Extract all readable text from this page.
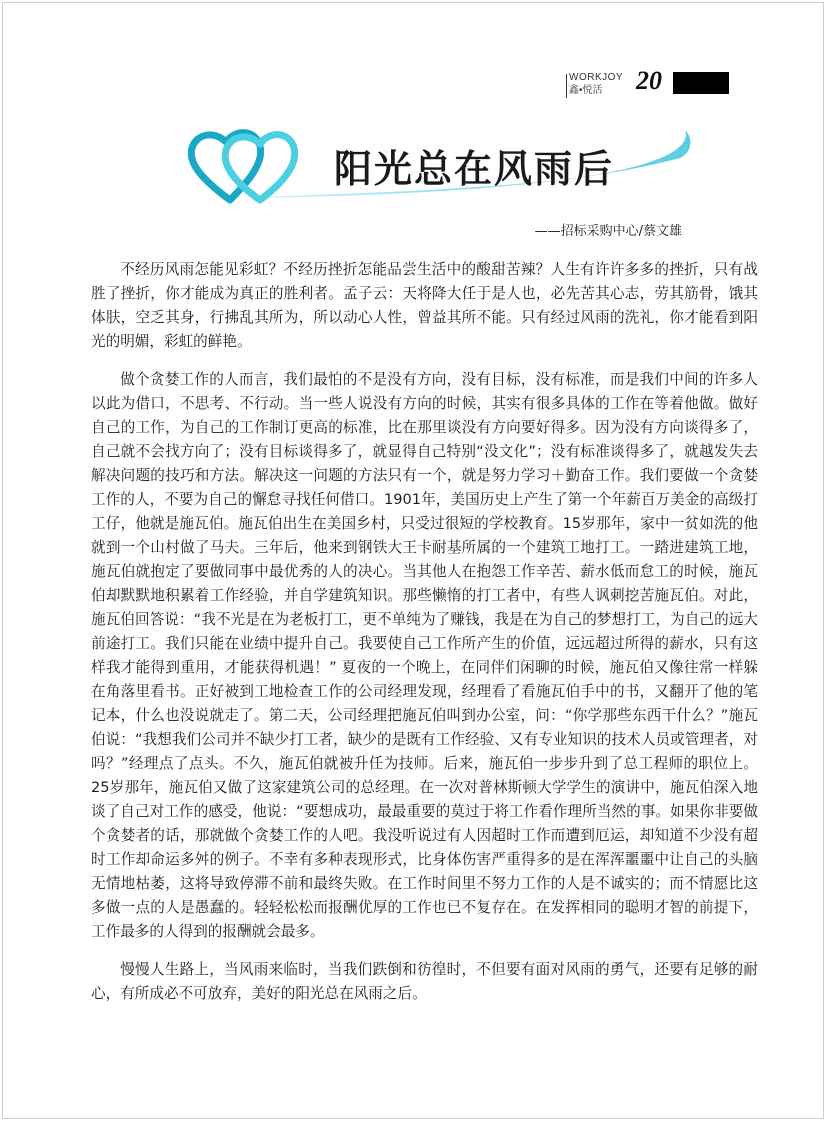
WORKJOY
鑫•悦活	20
阳光总在风雨后
——招标采购中心/蔡文雄

不经历风雨怎能见彩虹？不经历挫折怎能品尝生活中的酸甜苦辣？人生有许许多多的挫折，只有战胜了挫折，你才能成为真正的胜利者。孟子云：天将降大任于是人也，必先苦其心志，劳其筋骨，饿其体肤，空乏其身，行拂乱其所为，所以动心人性，曾益其所不能。只有经过风雨的洗礼，你才能看到阳光的明媚，彩虹的鲜艳。

做个贪婪工作的人而言，我们最怕的不是没有方向，没有目标，没有标准，而是我们中间的许多人以此为借口，不思考、不行动。当一些人说没有方向的时候，其实有很多具体的工作在等着他做。做好自己的工作，为自己的工作制订更高的标准，比在那里谈没有方向要好得多。因为没有方向谈得多了，自己就不会找方向了；没有目标谈得多了，就显得自己特别“没文化”；没有标准谈得多了，就越发失去解决问题的技巧和方法。解决这一问题的方法只有一个，就是努力学习＋勤奋工作。我们要做一个贪婪工作的人，不要为自己的懈怠寻找任何借口。1901年，美国历史上产生了第一个年薪百万美金的高级打工仔，他就是施瓦伯。施瓦伯出生在美国乡村，只受过很短的学校教育。15岁那年，家中一贫如洗的他就到一个山村做了马夫。三年后，他来到钢铁大王卡耐基所属的一个建筑工地打工。一踏进建筑工地，施瓦伯就抱定了要做同事中最优秀的人的决心。当其他人在抱怨工作辛苦、薪水低而怠工的时候，施瓦伯却默默地积累着工作经验，并自学建筑知识。那些懒惰的打工者中，有些人讽刺挖苦施瓦伯。对此，施瓦伯回答说：“我不光是在为老板打工，更不单纯为了赚钱，我是在为自己的梦想打工，为自己的远大前途打工。我们只能在业绩中提升自己。我要使自己工作所产生的价值，远远超过所得的薪水，只有这样我才能得到重用，才能获得机遇！” 夏夜的一个晚上，在同伴们闲聊的时候，施瓦伯又像往常一样躲在角落里看书。正好被到工地检查工作的公司经理发现，经理看了看施瓦伯手中的书，又翻开了他的笔记本，什么也没说就走了。第二天，公司经理把施瓦伯叫到办公室，问：“你学那些东西干什么？”施瓦伯说：“我想我们公司并不缺少打工者，缺少的是既有工作经验、又有专业知识的技术人员或管理者，对吗？”经理点了点头。不久，施瓦伯就被升任为技师。后来，施瓦伯一步步升到了总工程师的职位上。25岁那年，施瓦伯又做了这家建筑公司的总经理。在一次对普林斯顿大学学生的演讲中，施瓦伯深入地谈了自己对工作的感受，他说：“要想成功，最最重要的莫过于将工作看作理所当然的事。如果你非要做个贪婪者的话，那就做个贪婪工作的人吧。我没听说过有人因超时工作而遭到厄运，却知道不少没有超时工作却命运多舛的例子。不幸有多种表现形式，比身体伤害严重得多的是在浑浑噩噩中让自己的头脑无情地枯萎，这将导致停滞不前和最终失败。在工作时间里不努力工作的人是不诚实的；而不情愿比这多做一点的人是愚蠢的。轻轻松松而报酬优厚的工作也已不复存在。在发挥相同的聪明才智的前提下，工作最多的人得到的报酬就会最多。

慢慢人生路上，当风雨来临时，当我们跌倒和彷徨时，不但要有面对风雨的勇气，还要有足够的耐心，有所成必不可放弃，美好的阳光总在风雨之后。
